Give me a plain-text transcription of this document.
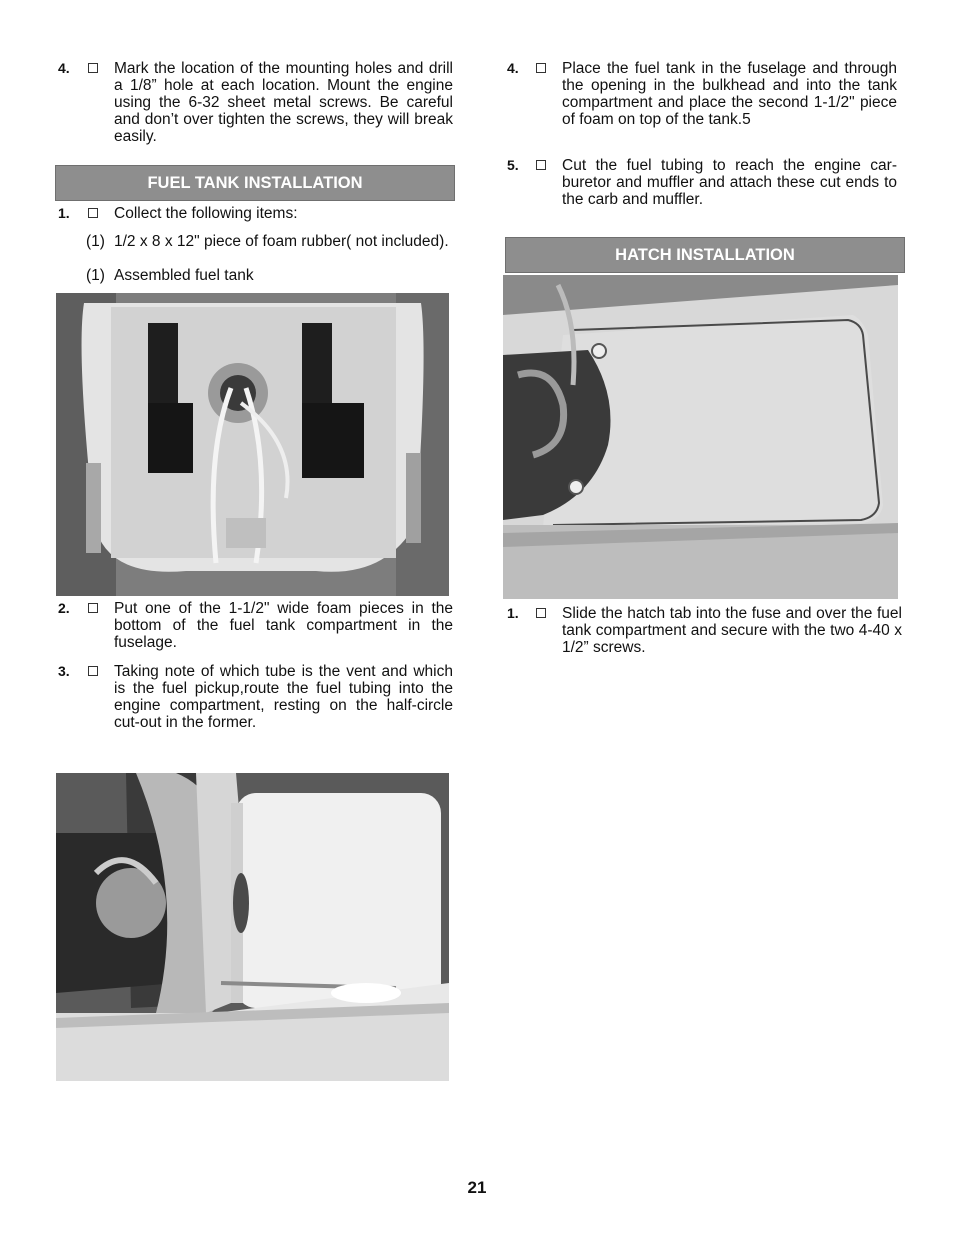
4.	Mark the location of the mounting holes and drill a 1/8” hole at each location. Mount the engine using the 6-32 sheet metal screws. Be careful and don’t over tighten the screws, they will break easily.
FUEL TANK INSTALLATION
1.	Collect the following items:
(1) 1/2 x 8 x 12" piece of foam rubber( not included).
(1) Assembled fuel tank
2.	Put one of the 1-1/2" wide foam pieces in the bottom of the fuel tank compartment in the fuselage.
3.	Taking note of which tube is the vent and which is the fuel pickup,route the fuel tubing into the engine compartment, resting on the half-circle cut-out in the former.
4.	Place the fuel tank in the fuselage and through the opening in the bulkhead and into the tank compartment and place the second 1-1/2" piece of foam on top of the tank.5
5.	Cut the fuel tubing to reach the engine car-buretor and muffler and attach these cut ends to the carb and muffler.
HATCH INSTALLATION
1.	Slide the hatch tab into the fuse and over the fuel tank compartment and secure with the two 4-40 x 1/2” screws.
21
